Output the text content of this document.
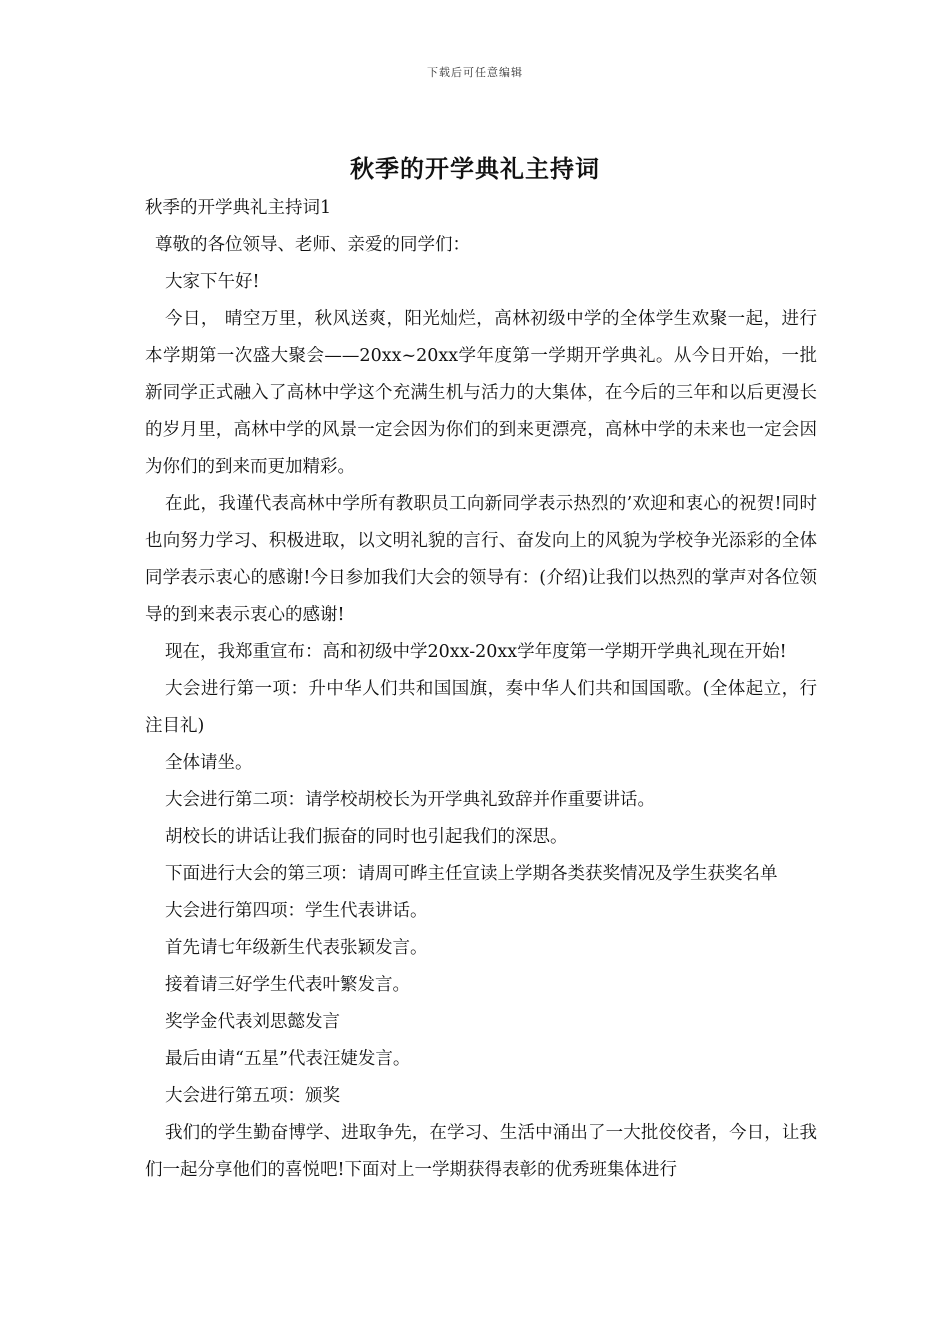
下载后可任意编辑
秋季的开学典礼主持词

秋季的开学典礼主持词1

尊敬的各位领导、老师、亲爱的同学们：

大家下午好!

今日， 晴空万里，秋风送爽，阳光灿烂，高林初级中学的全体学生欢聚一起，进行本学期第一次盛大聚会——20xx~20xx学年度第一学期开学典礼。从今日开始，一批新同学正式融入了高林中学这个充满生机与活力的大集体，在今后的三年和以后更漫长的岁月里，高林中学的风景一定会因为你们的到来更漂亮，高林中学的未来也一定会因为你们的到来而更加精彩。

在此，我谨代表高林中学所有教职员工向新同学表示热烈的’欢迎和衷心的祝贺!同时也向努力学习、积极进取，以文明礼貌的言行、奋发向上的风貌为学校争光添彩的全体同学表示衷心的感谢!今日参加我们大会的领导有：(介绍)让我们以热烈的掌声对各位领导的到来表示衷心的感谢!

现在，我郑重宣布：高和初级中学20xx-20xx学年度第一学期开学典礼现在开始!

大会进行第一项：升中华人们共和国国旗，奏中华人们共和国国歌。(全体起立，行注目礼)

全体请坐。

大会进行第二项：请学校胡校长为开学典礼致辞并作重要讲话。

胡校长的讲话让我们振奋的同时也引起我们的深思。

下面进行大会的第三项：请周可晔主任宣读上学期各类获奖情况及学生获奖名单

大会进行第四项：学生代表讲话。

首先请七年级新生代表张颖发言。

接着请三好学生代表叶繁发言。

奖学金代表刘思懿发言

最后由请“五星”代表汪婕发言。

大会进行第五项：颁奖

我们的学生勤奋博学、进取争先，在学习、生活中涌出了一大批佼佼者，今日，让我们一起分享他们的喜悦吧!下面对上一学期获得表彰的优秀班集体进行
